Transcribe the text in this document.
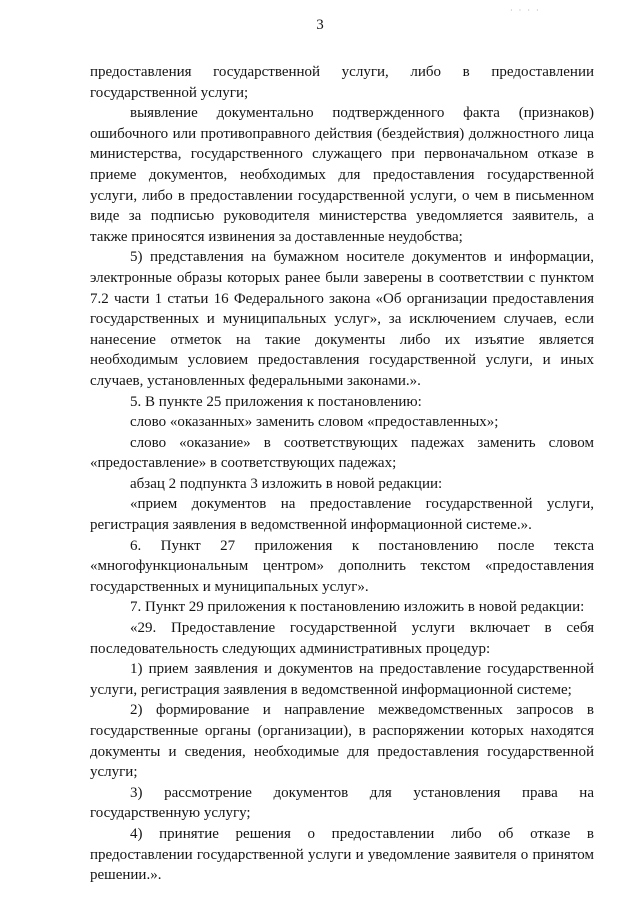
· · · ·
3

предоставления государственной услуги, либо в предоставлении государственной услуги;

выявление документально подтвержденного факта (признаков) ошибочного или противоправного действия (бездействия) должностного лица министерства, государственного служащего при первоначальном отказе в приеме документов, необходимых для предоставления государственной услуги, либо в предоставлении государственной услуги, о чем в письменном виде за подписью руководителя министерства уведомляется заявитель, а также приносятся извинения за доставленные неудобства;

5) представления на бумажном носителе документов и информации, электронные образы которых ранее были заверены в соответствии с пунктом 7.2 части 1 статьи 16 Федерального закона «Об организации предоставления государственных и муниципальных услуг», за исключением случаев, если нанесение отметок на такие документы либо их изъятие является необходимым условием предоставления государственной услуги, и иных случаев, установленных федеральными законами.».

5. В пункте 25 приложения к постановлению:

слово «оказанных» заменить словом «предоставленных»;

слово «оказание» в соответствующих падежах заменить словом «предоставление» в соответствующих падежах;

абзац 2 подпункта 3 изложить в новой редакции:

«прием документов на предоставление государственной услуги, регистрация заявления в ведомственной информационной системе.».

6. Пункт 27 приложения к постановлению после текста «многофункциональным центром» дополнить текстом «предоставления государственных и муниципальных услуг».

7. Пункт 29 приложения к постановлению изложить в новой редакции:

«29. Предоставление государственной услуги включает в себя последовательность следующих административных процедур:

1) прием заявления и документов на предоставление государственной услуги, регистрация заявления в ведомственной информационной системе;

2) формирование и направление межведомственных запросов в государственные органы (организации), в распоряжении которых находятся документы и сведения, необходимые для предоставления государственной услуги;

3) рассмотрение документов для установления права на государственную услугу;

4) принятие решения о предоставлении либо об отказе в предоставлении государственной услуги и уведомление заявителя о принятом решении.».
